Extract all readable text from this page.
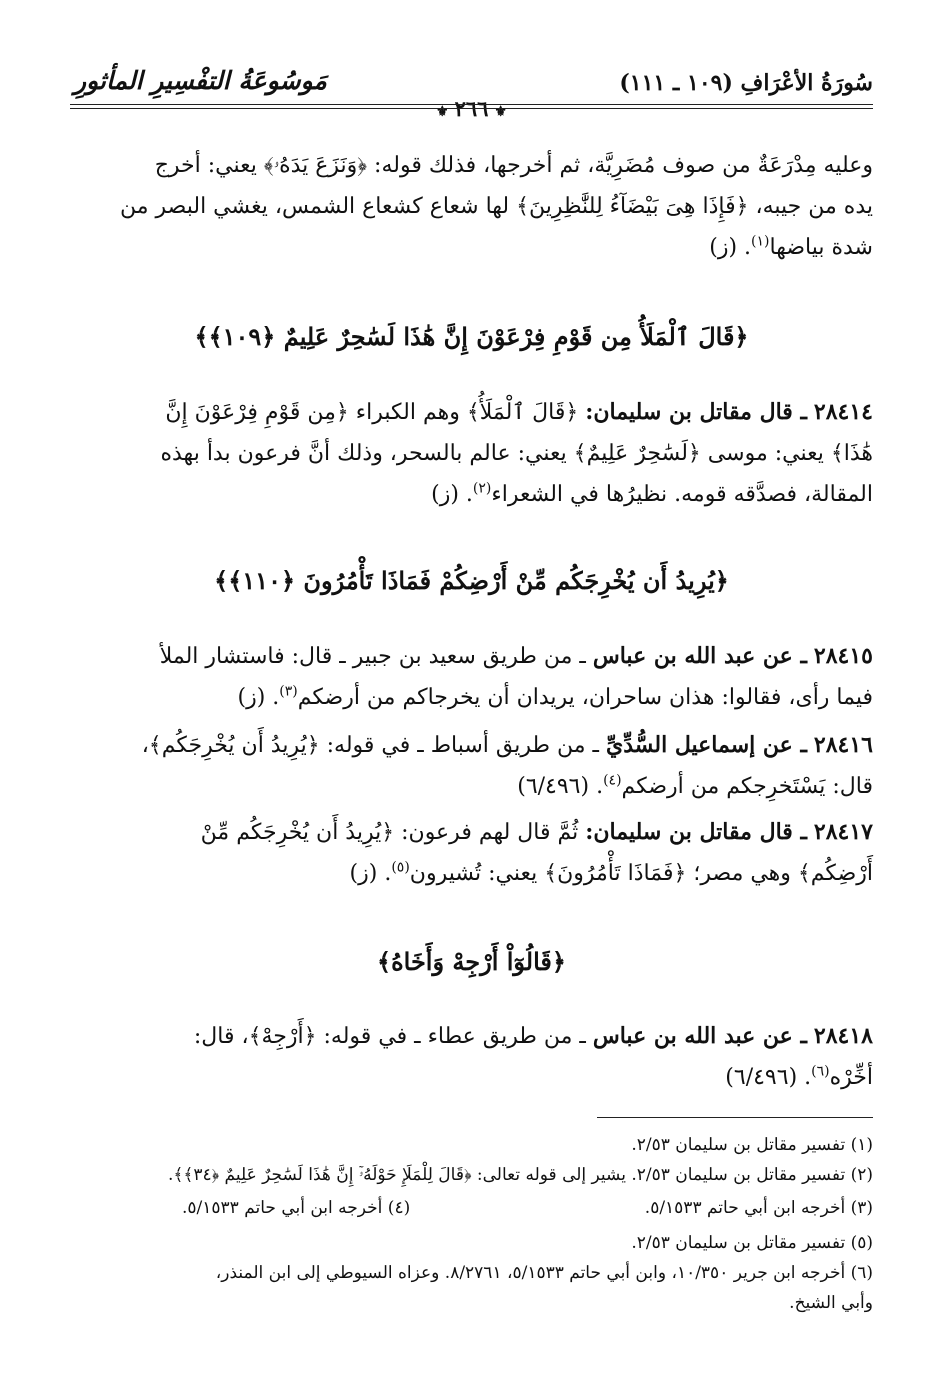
سُورَةُ الأعْرَافِ (١٠٩ ـ ١١١)
مَوسُوعَةُ التفْسِيرِ المأثورِ
⚜٢٦٦⚜
وعليه مِدْرَعَةٌ من صوف مُضَرِيَّة، ثم أخرجها، فذلك قوله: ﴿وَنَزَعَ يَدَهُۥ﴾ يعني: أخرج
يده من جيبه، ﴿فَإِذَا هِىَ بَيْضَآءُ لِلنَّٰظِرِينَ﴾ لها شعاع كشعاع الشمس، يغشي البصر من
شدة بياضها$^{(١)}$. (ز)
﴿قَالَ ٱلْمَلَأُ مِن قَوْمِ فِرْعَوْنَ إِنَّ هَٰذَا لَسَٰحِرٌ عَلِيمٌ ﴿١٠٩﴾﴾
٢٨٤١٤ ـ قال مقاتل بن سليمان: ﴿قَالَ ٱلْمَلَأُ﴾ وهم الكبراء ﴿مِن قَوْمِ فِرْعَوْنَ إِنَّ
هَٰذَا﴾ يعني: موسى ﴿لَسَٰحِرٌ عَلِيمٌ﴾ يعني: عالم بالسحر، وذلك أنَّ فرعون بدأ بهذه
المقالة، فصدَّقه قومه. نظيرُها في الشعراء$^{(٢)}$. (ز)
﴿يُرِيدُ أَن يُخْرِجَكُم مِّنْ أَرْضِكُمْ فَمَاذَا تَأْمُرُونَ ﴿١١٠﴾﴾
٢٨٤١٥ ـ عن عبد الله بن عباس ـ من طريق سعيد بن جبير ـ قال: فاستشار الملأ
فيما رأى، فقالوا: هذان ساحران، يريدان أن يخرجاكم من أرضكم$^{(٣)}$. (ز)
٢٨٤١٦ ـ عن إسماعيل السُّدِّيِّ ـ من طريق أسباط ـ في قوله: ﴿يُرِيدُ أَن يُخْرِجَكُم﴾،
قال: يَسْتَخرِجكم من أرضكم$^{(٤)}$. (٦/٤٩٦)
٢٨٤١٧ ـ قال مقاتل بن سليمان: ثُمَّ قال لهم فرعون: ﴿يُرِيدُ أَن يُخْرِجَكُم مِّنْ
أَرْضِكُم﴾ وهي مصر؛ ﴿فَمَاذَا تَأْمُرُونَ﴾ يعني: تُشيرون$^{(٥)}$. (ز)
﴿قَالُوٓاْ أَرْجِهْ وَأَخَاهُ﴾
٢٨٤١٨ ـ عن عبد الله بن عباس ـ من طريق عطاء ـ في قوله: ﴿أَرْجِهْ﴾، قال:
أخِّرْه$^{(٦)}$. (٦/٤٩٦)
(١) تفسير مقاتل بن سليمان ٢/٥٣.
(٢) تفسير مقاتل بن سليمان ٢/٥٣. يشير إلى قوله تعالى: ﴿قَالَ لِلْمَلَإِ حَوْلَهُۥٓ إِنَّ هَٰذَا لَسَٰحِرٌ عَلِيمٌ ﴿٣٤﴾﴾.
(٣) أخرجه ابن أبي حاتم ٥/١٥٣٣.
(٤) أخرجه ابن أبي حاتم ٥/١٥٣٣.
(٥) تفسير مقاتل بن سليمان ٢/٥٣.
(٦) أخرجه ابن جرير ١٠/٣٥٠، وابن أبي حاتم ٥/١٥٣٣، ٨/٢٧٦١. وعزاه السيوطي إلى ابن المنذر،
وأبي الشيخ.
